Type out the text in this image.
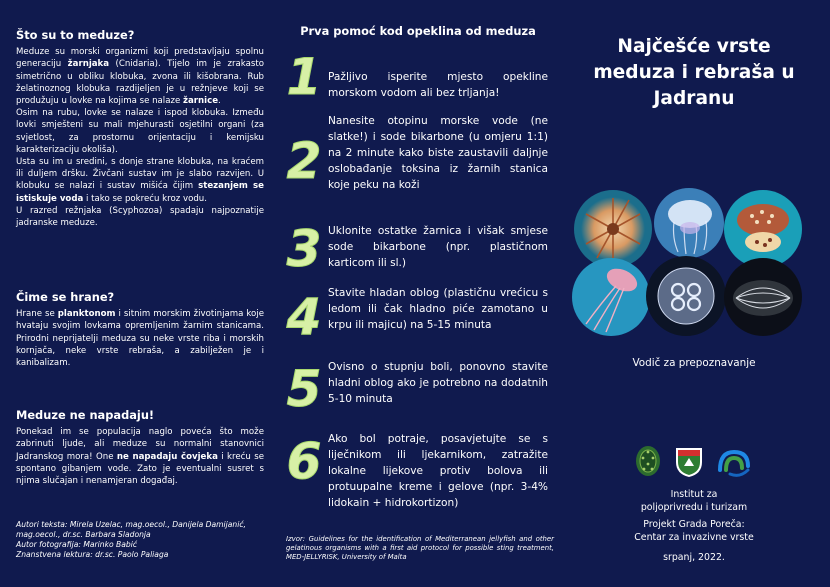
Što su to meduze?

Meduze su morski organizmi koji predstavljaju spolnu generaciju žarnjaka (Cnidaria). Tijelo im je zrakasto simetrično u obliku klobuka, zvona ili kišobrana. Rub želatinoznog klobuka razdijeljen je u režnjeve koji se produžuju u lovke na kojima se nalaze žarnice.

Osim na rubu, lovke se nalaze i ispod klobuka. Između lovki smješteni su mali mjehurasti osjetilni organi (za svjetlost, za prostornu orijentaciju i kemijsku karakterizaciju okoliša).

Usta su im u sredini, s donje strane klobuka, na kraćem ili duljem dršku. Živčani sustav im je slabo razvijen. U klobuku se nalazi i sustav mišića čijim stezanjem se istiskuje voda i tako se pokreću kroz vodu.

U razred režnjaka (Scyphozoa) spadaju najpoznatije jadranske meduze.

Čime se hrane?

Hrane se planktonom i sitnim morskim životinjama koje hvataju svojim lovkama opremljenim žarnim stanicama. Prirodni neprijatelji meduza su neke vrste riba i morskih kornjača, neke vrste rebraša, a zabilježen je i kanibalizam.

Meduze ne napadaju!

Ponekad im se populacija naglo poveća što može zabrinuti ljude, ali meduze su normalni stanovnici Jadranskog mora! One ne napadaju čovjeka i kreću se spontano gibanjem vode. Zato je eventualni susret s njima slučajan i nenamjeran događaj.

Autori teksta: Mirela Uzelac, mag.oecol., Danijela Damijanić,
mag.oecol., dr.sc. Barbara Sladonja
Autor fotografija: Marinko Babić
Znanstvena lektura: dr.sc. Paolo Paliaga
Prva pomoć kod opeklina od meduza
1 Pažljivo isperite mjesto opekline morskom vodom ali bez trljanja!
2
Nanesite otopinu morske vode (ne slatke!) i sode bikarbone (u omjeru 1:1) na 2 minute kako biste zaustavili daljnje oslobađanje toksina iz žarnih stanica koje peku na koži
3 Uklonite ostatke žarnica i višak smjese sode bikarbone (npr. plastičnom karticom ili sl.)
4 Stavite hladan oblog (plastičnu vrećicu s ledom ili čak hladno piće zamotano u krpu ili majicu) na 5-15 minuta
5 Ovisno o stupnju boli, ponovno stavite hladni oblog ako je potrebno na dodatnih 5-10 minuta
6 Ako bol potraje, posavjetujte se s liječnikom ili ljekarnikom, zatražite lokalne lijekove protiv bolova ili protuupalne kreme i gelove (npr. 3-4% lidokain + hidrokortizon)
Izvor: Guidelines for the identification of Mediterranean jellyfish and other gelatinous organisms with a first aid protocol for possible sting treatment, MED-JELLYRISK, University of Malta
Najčešće vrste
meduza i rebraša u
Jadranu
Vodič za prepoznavanje
Institut za
poljoprivredu i turizam
Projekt Grada Poreča:
Centar za invazivne vrste
srpanj, 2022.
